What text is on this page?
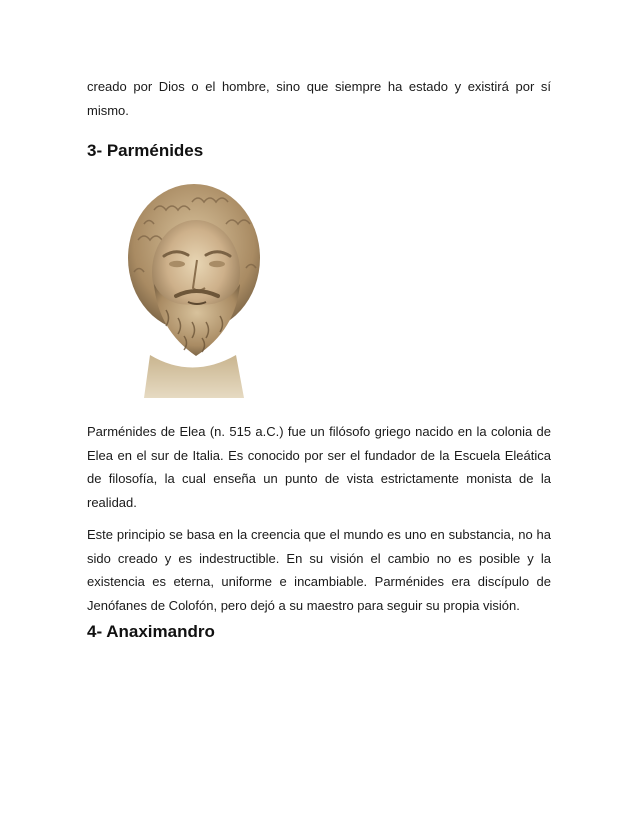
creado por Dios o el hombre, sino que siempre ha estado y existirá por sí mismo.

3- Parménides

Parménides de Elea (n. 515 a.C.) fue un filósofo griego nacido en la colonia de Elea en el sur de Italia. Es conocido por ser el fundador de la Escuela Eleática de filosofía, la cual enseña un punto de vista estrictamente monista de la realidad.

Este principio se basa en la creencia que el mundo es uno en substancia, no ha sido creado y es indestructible. En su visión el cambio no es posible y la existencia es eterna, uniforme e incambiable. Parménides era discípulo de Jenófanes de Colofón, pero dejó a su maestro para seguir su propia visión.

4- Anaximandro
